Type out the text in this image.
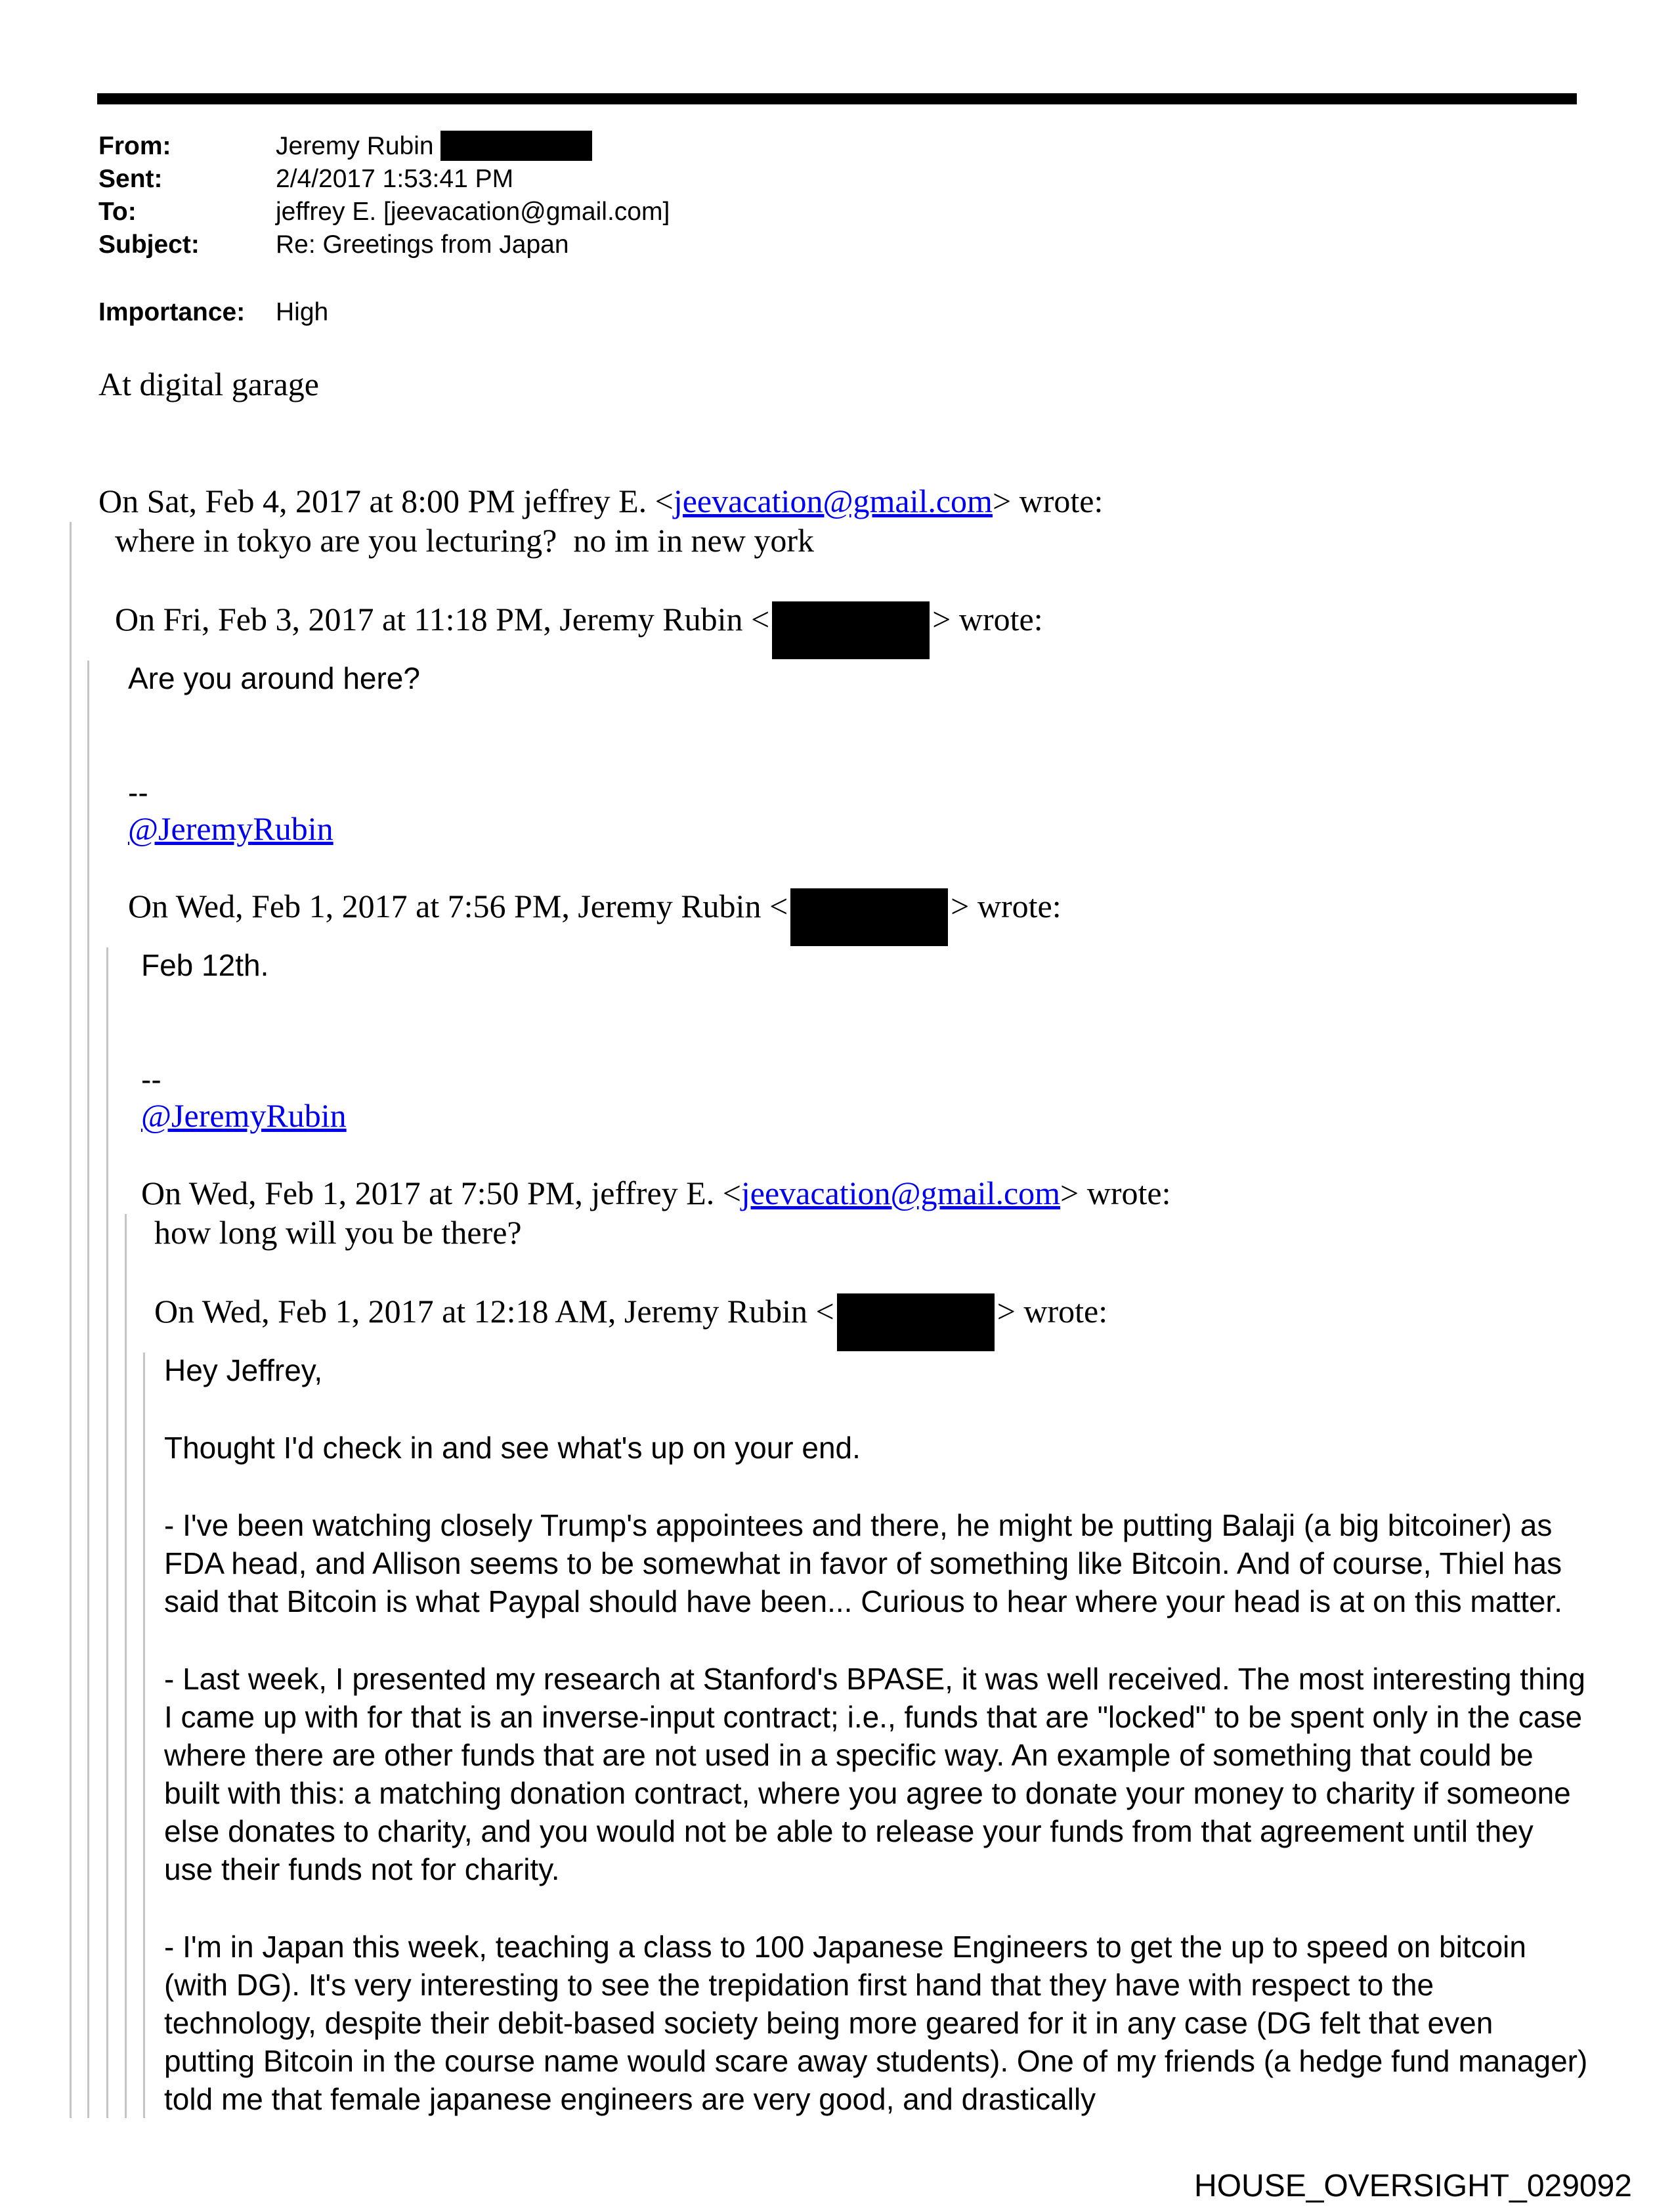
From:	Jeremy Rubin
Sent:	2/4/2017 1:53:41 PM
To:	jeffrey E. [jeevacation@gmail.com]
Subject:	Re: Greetings from Japan
Importance: High

At digital garage

On Sat, Feb 4, 2017 at 8:00 PM jeffrey E. <jeevacation@gmail.com> wrote:

where in tokyo are you lecturing?  no im in new york

On Fri, Feb 3, 2017 at 11:18 PM, Jeremy Rubin <	> wrote:

Are you around here?

--

@JeremyRubin

On Wed, Feb 1, 2017 at 7:56 PM, Jeremy Rubin <	> wrote:

Feb 12th.

--

@JeremyRubin

On Wed, Feb 1, 2017 at 7:50 PM, jeffrey E. <jeevacation@gmail.com> wrote:

how long will you be there?

On Wed, Feb 1, 2017 at 12:18 AM, Jeremy Rubin <	> wrote:

Hey Jeffrey,

Thought I'd check in and see what's up on your end.

- I've been watching closely Trump's appointees and there, he might be putting Balaji (a big bitcoiner) as FDA head, and Allison seems to be somewhat in favor of something like Bitcoin. And of course, Thiel has said that Bitcoin is what Paypal should have been... Curious to hear where your head is at on this matter.

- Last week, I presented my research at Stanford's BPASE, it was well received. The most interesting thing I came up with for that is an inverse-input contract; i.e., funds that are "locked" to be spent only in the case where there are other funds that are not used in a specific way. An example of something that could be built with this: a matching donation contract, where you agree to donate your money to charity if someone else donates to charity, and you would not be able to release your funds from that agreement until they use their funds not for charity.

- I'm in Japan this week, teaching a class to 100 Japanese Engineers to get the up to speed on bitcoin (with DG). It's very interesting to see the trepidation first hand that they have with respect to the technology, despite their debit-based society being more geared for it in any case (DG felt that even putting Bitcoin in the course name would scare away students). One of my friends (a hedge fund manager) told me that female japanese engineers are very good, and drastically

HOUSE_OVERSIGHT_029092
